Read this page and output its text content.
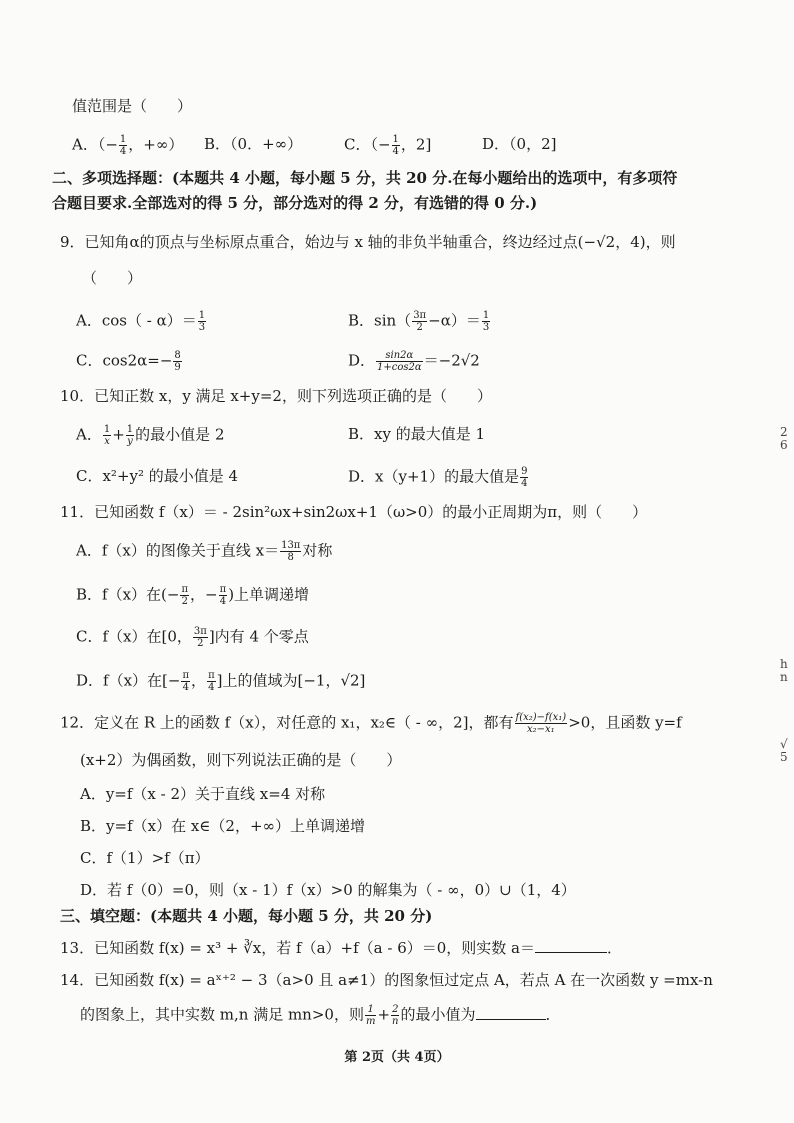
值范围是（　　）
A．（− $\frac{1}{4}$ ，+∞） B．（0．+∞）	C．（− $\frac{1}{4}$ ，2]	D．（0，2]
二、多项选择题：(本题共 4 小题，每小题 5 分，共 20 分.在每小题给出的选项中，有多项符
合题目要求.全部选对的得 5 分，部分选对的得 2 分，有选错的得 0 分.)
9．已知角α的顶点与坐标原点重合，始边与 x 轴的非负半轴重合，终边经过点(−√2，4)，则
（　　）
A．$\cos( - \alpha)= \frac{1}{3}$	B．$\sin( \frac{3\pi}{2} -\alpha)= \frac{1}{3}$
C．$\cos 2\alpha=- \frac{8}{9}$	D． $\frac{\sin 2\alpha}{1+\cos 2\alpha} =-2√2$
10．已知正数 x，y 满足 x+y=2，则下列选项正确的是（　　）
A． $\frac{1}{x} + \frac{1}{y}$ 的最小值是 2	B．xy 的最大值是 1
C．x²+y² 的最小值是 4	D．x（y+1）的最大值是 $\frac{9}{4}$
11．已知函数 f（x）＝ - 2sin²ωx+sin2ωx+1（ω>0）的最小正周期为π，则（　　）
A．f（x）的图像关于直线 $x= \frac{13\pi}{8}$ 对称
B．f（x）在(− $\frac{\pi}{2}$ ，− $\frac{\pi}{4}$ )上单调递增
C．f（x）在[0， $\frac{3\pi}{2}$ ]内有 4 个零点
D．f（x）在[− $\frac{\pi}{4}$ ， $\frac{\pi}{4}$ ]上的值域为[−1，√2]
12．定义在 R 上的函数 f（x），对任意的 x₁，x₂∈（ - ∞，2]，都有 $\frac{\text{f(x₂)−f(x₁)}}{\text{x₂−x₁}} >0$，且函数 y=f
(x+2）为偶函数，则下列说法正确的是（　　）
A．y=f（x - 2）关于直线 x=4 对称
B．y=f（x）在 x∈（2，+∞）上单调递增
C．f（1）>f（π）
D．若 f（0）=0，则（x - 1）f（x）>0 的解集为（ - ∞，0）∪（1，4）
三、填空题：(本题共 4 小题，每小题 5 分，共 20 分)
13．已知函数 f(x) = x³ + ∛x，若 f（a）+f（a - 6）＝0，则实数 a＝	．
14．已知函数 f(x) = aˣ⁺² − 3（a>0 且 a≠1）的图象恒过定点 A，若点 A 在一次函数 y =mx-n
的图象上，其中实数 m,n 满足 mn>0，则 $\frac{1}{m} + \frac{2}{n}$ 的最小值为	．
第 2页（共 4页）
2
6
h
n
√
5
